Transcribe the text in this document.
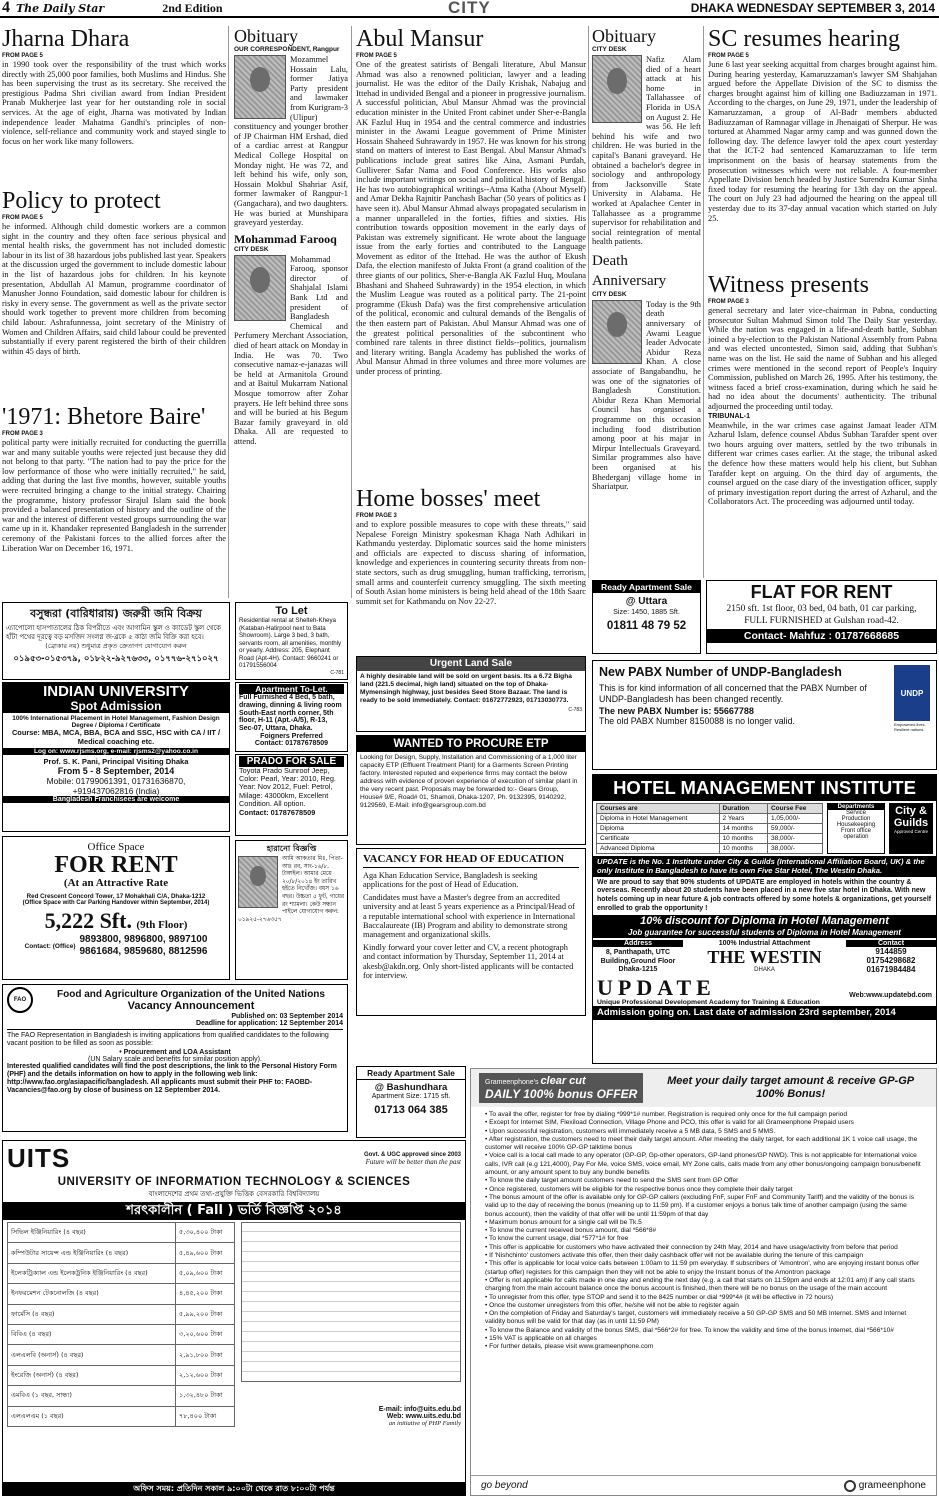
4 The Daily Star	2nd Edition	CITY	DHAKA WEDNESDAY SEPTEMBER 3, 2014
Jharna Dhara
FROM PAGE 5
in 1990 took over the responsibility of the trust which works directly with 25,000 poor families, both Muslims and Hindus. She has been supervising the trust as its secretary. She received the prestigious Padma Shri civilian award from Indian President Pranab Mukherjee last year for her outstanding role in social services. At the age of eight, Jharna was motivated by Indian independence leader Mahatma Gandhi's principles of non-violence, self-reliance and community work and stayed single to focus on her work like many followers.
Policy to protect
FROM PAGE 5
he informed. Although child domestic workers are a common sight in the country and they often face serious physical and mental health risks, the government has not included domestic labour in its list of 38 hazardous jobs published last year. Speakers at the discussion urged the government to include domestic labour in the list of hazardous jobs for children. In his keynote presentation, Abdullah Al Mamun, programme coordinator of Manusher Jonno Foundation, said domestic labour for children is risky in every sense. The government as well as the private sector should work together to prevent more children from becoming child labour. Ashrafunnessa, joint secretary of the Ministry of Women and Children Affairs, said child labour could be prevented substantially if every parent registered the birth of their children within 45 days of birth.
'1971: Bhetore Baire'
FROM PAGE 3
political party were initially recruited for conducting the guerrilla war and many suitable youths were rejected just because they did not belong to that party. "The nation had to pay the price for the low performance of those who were initially recruited," he said, adding that during the last five months, however, suitable youths were recruited bringing a change to the initial strategy. Chairing the programme, history professor Sirajul Islam said the book provided a balanced presentation of history and the outline of the war and the interest of different vested groups surrounding the war came up in it. Khandaker represented Bangladesh in the surrender ceremony of the Pakistani forces to the allied forces after the Liberation War on December 16, 1971.
Obituary
OUR CORRESPONDENT, Rangpur
Mozammel Hossain Lalu, former Jatiya Party president and lawmaker from Kurigram-3 (Ulipur) constituency and younger brother of JP Chairman HM Ershad, died of a cardiac arrest at Rangpur Medical College Hospital on Monday night. He was 72, and left behind his wife, only son, Hossain Mokbul Shahriar Asif, former lawmaker of Rangpur-1 (Gangachara), and two daughters. He was buried at Munshipara graveyard yesterday.
Mohammad Farooq
CITY DESK
Mohammad Farooq, sponsor director of Shahjalal Islami Bank Ltd and president of Bangladesh Chemical and Perfumery Merchant Association, died of heart attack on Monday in India. He was 70. Two consecutive namaz-e-janazas will be held at Armanitola Ground and at Baitul Mukarram National Mosque tomorrow after Zohar prayers. He left behind three sons and will be buried at his Begum Bazar family graveyard in old Dhaka. All are requested to attend.
Abul Mansur
FROM PAGE 5
One of the greatest satirists of Bengali literature, Abul Mansur Ahmad was also a renowned politician, lawyer and a leading journalist. He was the editor of the Daily Krishak, Nabajug and Ittehad in undivided Bengal and a pioneer in progressive journalism. A successful politician, Abul Mansur Ahmad was the provincial education minister in the United Front cabinet under Sher-e-Bangla AK Fazlul Huq in 1954 and the central commerce and industries minister in the Awami League government of Prime Minister Hossain Shaheed Suhrawardy in 1957. He was known for his strong stand on matters of interest to East Bengal. Abul Mansur Ahmad's publications include great satires like Aina, Asmani Purdah, Gulliverer Safar Nama and Food Conference. His works also include important writings on social and political history of Bengal. He has two autobiographical writings--Atma Katha (About Myself) and Amar Dekha Rajnitir Panchash Bachar (50 years of politics as I have seen it). Abul Mansur Ahmad always propagated secularism in a manner unparalleled in the forties, fifties and sixties. His contribution towards opposition movement in the early days of Pakistan was extremely significant. He wrote about the language issue from the early forties and contributed to the Language Movement as editor of the Ittehad. He was the author of Ekush Dafa, the election manifesto of Jukta Front (a grand coalition of the three giants of our politics, Sher-e-Bangla AK Fazlul Huq, Moulana Bhashani and Shaheed Suhrawardy) in the 1954 election, in which the Muslim League was routed as a political party. The 21-point programme (Ekush Dafa) was the first comprehensive articulation of the political, economic and cultural demands of the Bengalis of the then eastern part of Pakistan. Abul Mansur Ahmad was one of the greatest political personalities of the subcontinent who combined rare talents in three distinct fields--politics, journalism and literary writing. Bangla Academy has published the works of Abul Mansur Ahmad in three volumes and three more volumes are under process of printing.
Home bosses' meet
FROM PAGE 3
and to explore possible measures to cope with these threats," said Nepalese Foreign Ministry spokesman Khaga Nath Adhikari in Kathmandu yesterday. Diplomatic sources said the home ministers and officials are expected to discuss sharing of information, knowledge and experiences in countering security threats from non-state sectors, such as drug smuggling, human trafficking, terrorism, small arms and counterfeit currency smuggling. The sixth meeting of South Asian home ministers is being held ahead of the 18th Saarc summit set for Kathmandu on Nov 22-27.
Obituary
CITY DESK
Nafiz Alam died of a heart attack at his home in Tallahassee of Florida in USA on August 2. He was 56. He left behind his wife and two children. He was buried in the capital's Banani graveyard. He obtained a bachelor's degree in sociology and anthropology from Jacksonville State University in Alabama. He worked at Apalachee Center in Tallahassee as a programme supervisor for rehabilitation and social reintegration of mental health patients.
Death Anniversary
CITY DESK
Today is the 9th death anniversary of Awami League leader Advocate Abidur Reza Khan. A close associate of Bangabandhu, he was one of the signatories of Bangladesh Constitution. Abidur Reza Khan Memorial Council has organised a programme on this occasion including food distribution among poor at his majar in Mirpur Intellectuals Graveyard. Similar programmes also have been organised at his Bhederganj village home in Shariatpur.
SC resumes hearing
FROM PAGE 5
June 6 last year seeking acquittal from charges brought against him. During hearing yesterday, Kamaruzzaman's lawyer SM Shahjahan argued before the Appellate Division of the SC to dismiss the charges brought against him of killing one Badiuzzaman in 1971. According to the charges, on June 29, 1971, under the leadership of Kamaruzzaman, a group of Al-Badr members abducted Badiuzzaman of Ramnagar village in Jhenaigati of Sherpur. He was tortured at Ahammed Nagar army camp and was gunned down the following day. The defence lawyer told the apex court yesterday that the ICT-2 had sentenced Kamaruzzaman to life term imprisonment on the basis of hearsay statements from the prosecution witnesses which were not reliable. A four-member Appellate Division bench headed by Justice Surendra Kumar Sinha fixed today for resuming the hearing for 13th day on the appeal. The court on July 23 had adjourned the hearing on the appeal till yesterday due to its 37-day annual vacation which started on July 25.
Witness presents
FROM PAGE 3
general secretary and later vice-chairman in Pabna, conducting prosecutor Sultan Mahmud Simon told The Daily Star yesterday. While the nation was engaged in a life-and-death battle, Subhan joined a by-election to the Pakistan National Assembly from Pabna and was elected uncontested, Simon said, adding that Subhan's name was on the list. He said the name of Subhan and his alleged crimes were mentioned in the second report of People's Inquiry Commission, published on March 26, 1995. After his testimony, the witness faced a brief cross-examination, during which he said he had no idea about the documents' authenticity. The tribunal adjourned the proceeding until today.
TRIBUNAL-1
Meanwhile, in the war crimes case against Jamaat leader ATM Azharul Islam, defence counsel Abdus Subhan Tarafder spent over two hours arguing over matters, settled by the two tribunals in different war crimes cases earlier. At the stage, the tribunal asked the defence how these matters would help his client, but Subhan Tarafder kept on arguing. On the third day of arguments, the counsel argued on the case diary of the investigation officer, supply of primary investigation report during the arrest of Azharul, and the Collaborators Act. The proceeding was adjourned until today.
বসুন্ধরা (বারিধারায়) জরুরী জমি বিক্রয়
এ্যাপোলো হাসপাতালের ঠিক বিপরীতে এবং আগামিন স্কুল ও ক্যাডেট স্কুল থেকে হাঁটা পথের দূরত্বে বড় মসজিদ সংলগ্ন জ-ব্লকে ৫ কাঠা জমি বিক্রি করা হবে।
(ব্রোকার নয়) শুধুমাত্র প্রকৃত ক্রেতাগণ যোগাযোগ করুন
০১৯৫৩-০১৫৩৭৯, ০১৮২২-৯২৭৬৩৩, ০১৭৭৬-২৭১০২৭
To Let
Residential rental at Shelteh-Kheya (Kataban-Hatirpool next to Bata Showroom). Large 3 bed, 3 bath, servants room, all amenities, monthly or yearly. Address: 205, Elephant Road (Apt-4H). Contact: 9660241 or 01791556004
C-781
INDIAN UNIVERSITY
Spot Admission
100% International Placement in Hotel Management, Fashion Design
Degree / Diploma / Certificate
Course: MBA, MCA, BBA, BCA and SSC, HSC with CA / IIT / Medical coaching etc.
Log on: www.rjsms.org, e-mail: rjsms2@yahoo.co.in
Prof. S. K. Pani, Principal Visiting Dhaka
From 5 - 8 September, 2014
Mobile: 01799061391, 01731636870,
+919437062816 (India)
Bangladesh Franchisees are welcome
Apartment To-Let.
Full Furnished 4 Bed, 5 bath, drawing, dinning & living room South-East north corner, 5th floor, H-11 (Apt.-A/5), R-13, Sec-07, Uttara, Dhaka.
Foigners Preferred
Contact: 01787678509
PRADO FOR SALE
Toyota Prado Sunroof Jeep, Color: Pearl, Year: 2010, Reg. Year: Nov 2012, Fuel: Petrol, Milage: 43000km, Excellent Condition. All option.
Contact: 01787678509
Office Space
FOR RENT
(At an Attractive Rate
Red Crescent Concord Tower, 17 Mohakhali C/A, Dhaka-1212
(Office Space with Car Parking Handover within September, 2014)
5,222 Sft. (9th Floor)
Contact: (Office)
9893800, 9896800, 9897100
9861684, 9859680, 8812596
হারানো বিজ্ঞপ্তি
আমি আকতার মিঃ, পিতা-আঃ রব, সাং-১৬/৮, টাঙ্গাইল। আমার মেয়ে ২০/৮/২০১৪ ইং তারিখ হইতে নিখোঁজ। বয়স ১৬ বছর। উচ্চতা ৫ ফুট, গায়ের রং শ্যামলা। কেউ সন্ধান পাইলে যোগাযোগ করুন: ০১৯২৫-২৭৬৩৫৭
FAO
Food and Agriculture Organization of the United Nations
Vacancy Announcement
Published on: 03 September 2014
Deadline for application: 12 September 2014
The FAO Representation in Bangladesh is inviting applications from qualified candidates to the following vacant position to be filled as soon as possible:
• Procurement and LOA Assistant
(UN Salary scale and benefits for similar position apply).
Interested qualified candidates will find the post descriptions, the link to the Personal History Form (PHF) and the details information on how to apply in the following web link: http://www.fao.org/asiapacific/bangladesh. All applicants must submit their PHF to: FAOBD-Vacancies@fao.org by close of business on 12 September 2014.
Urgent Land Sale
A highly desirable land will be sold on urgent basis. Its a 6.72 Bigha land (221.5 decimal, high land) situated on the top of Dhaka-Mymensingh highway, just besides Seed Store Bazaar. The land is ready to be sold immediately. Contact: 01672772923, 01713030773.
C-783
WANTED TO PROCURE ETP
Looking for Design, Supply, Installation and Commissioning of a 1,000 liter capacity ETP (Effluent Treatment Plant) for a Garments Screen Printing factory. Interested reputed and experience firms may contact the below address with evidence of proven experience of execution of similar plant in the very recent past. Proposals may be forwarded to:- Gears Group, House# 9/E, Road# 01, Shamoli, Dhaka-1207, Ph. 9132395, 9140292, 9129569, E-Mail: info@gearsgroup.com.bd
VACANCY FOR HEAD OF EDUCATION
Aga Khan Education Service, Bangladesh is seeking applications for the post of Head of Education.
Candidates must have a Master's degree from an accredited university and at least 5 years experience as a Principal/Head of a reputable international school with experience in International Baccalaureate (IB) Program and ability to demonstrate strong management and organizational skills.
Kindly forward your cover letter and CV, a recent photograph and contact information by Thursday, September 11, 2014 at akesb@akdn.org. Only short-listed applicants will be contacted for interview.
Ready Apartment Sale
@ Uttara
Size: 1450, 1885 Sft.
01811 48 79 52
FLAT FOR RENT
2150 sft. 1st floor, 03 bed, 04 bath, 01 car parking,
FULL FURNISHED at Gulshan road-42.
Contact- Mahfuz : 01787668685
New PABX Number of UNDP-Bangladesh
This is for kind information of all concerned that the PABX Number of UNDP-Bangladesh has been changed recently.
The new PABX Number is: 55667788
The old PABX Number 8150088 is no longer valid.
UNDP
Empowered lives. Resilient nations.
HOTEL MANAGEMENT INSTITUTE
Courses are	Duration	Course Fee
Diploma in Hotel Management	2 Years	1,05,000/-
Diploma	14 months	59,000/-
Certificate	10 months	38,000/-
Advanced Diploma	10 months	38,000/-
Departments
Service
Production
Housekeeping
Front office operation
City & Guilds
Approved Centre
UPDATE is the No. 1 Institute under City & Guilds (International Affiliation Board, UK) & the only Institute in Bangladesh to have its own Five Star Hotel, The Westin Dhaka.
We are proud to say that 90% students of UPDATE are employed in hotels within the country & overseas. Recently about 20 students have been placed in a new five star hotel in Dhaka. With new hotels coming up in near future & job contracts offered by some hotels & organizations, get yourself enrolled to grab the opportunity !
10% discount for Diploma in Hotel Management
Job guarantee for successful students of Diploma in Hotel Management
Address
8, Panthapath, UTC Building,Ground Floor Dhaka-1215
100% Industrial Attachment
THE WESTIN
DHAKA
Contact
9144859
01754298682
01671984484
UPDATE	Web:www.updatebd.com
Unique Professional Development Academy for Training & Education
Admission going on. Last date of admission 23rd september, 2014
Ready Apartment Sale
@ Bashundhara
Apartment Size: 1715 sft.
01713 064 385
UITS	Govt. & UGC approved since 2003
Future will be better than the past
UNIVERSITY OF INFORMATION TECHNOLOGY & SCIENCES
বাংলাদেশের প্রথম তথ্য-প্রযুক্তি ভিত্তিক বেসরকারি বিশ্ববিদ্যালয়
শরৎকালীন ( Fall ) ভর্তি বিজ্ঞপ্তি ২০১৪
সিভিল ইঞ্জিনিয়ারিং (৪ বছর)	৫,৩০,৪০০ টাকা
কম্পিউটার সায়েন্স এন্ড ইঞ্জিনিয়ারিং (৪ বছর)	৫,৪৯,৬০০ টাকা
ইলেকট্রিক্যাল এন্ড ইলেকট্রনিক ইঞ্জিনিয়ারিং (৪ বছর)	৫,০৯,৬০০ টাকা
ইনফরমেশন টেকনোলজি (৪ বছর)	৪,৪৫,২০০ টাকা
ফার্মেসি (৪ বছর)	৫,৯৯,২০০ টাকা
বিবিএ (৪ বছর)	৩,২০,৬০০ টাকা
এলএলবি (অনার্স) (৪ বছর)	২,৯১,৮০০ টাকা
ইংরেজি (অনার্স) (৪ বছর)	২,১২,৬০০ টাকা
এমবিএ (১ বছর, সান্ধ্য)	১,৩২,৪৮০ টাকা
এলএলএম (১ বছর)	৭৮,৪০০ টাকা
E-mail: info@uits.edu.bd
Web: www.uits.edu.bd
an initiative of PHP Family
অফিস সময়: প্রতিদিন সকাল ৯:০০টা থেকে রাত ৮:০০টা পর্যন্ত
Grameenphone's clear cut
DAILY 100% bonus OFFER
Meet your daily target amount & receive GP-GP 100% Bonus!
• To avail the offer, register for free by dialing *999*1# number. Registration is required only once for the full campaign period
• Except for Internet SIM, Flexiload Connection, Village Phone and PCO, this offer is valid for all Grameenphone Prepaid users
• Upon successful registration, customers will immediately receive a 5 MB data, 5 SMS and 5 MMS.
• After registration, the customers need to meet their daily target amount. After meeting the daily target, for each additional 1K 1 voice call usage, the customer will receive 100% GP-GP talktime bonus
• Voice call is a local call made to any operator (GP-GP, Gp-other operators, GP-land phones/GP NWD). This is not applicable for International voice calls, IVR call (e.g 121,4000), Pay For Me, voice SMS, voice email, MY Zone calls, calls made from any other bonus/ongoing campaign bonus/benefit amount, or any amount spent to buy any bundle benefits
• To know the daily target amount customers need to send the SMS sent from GP Offer
• Once registered, customers will be eligible for the respective bonus once they complete their daily target
• The bonus amount of the offer is available only for GP-GP callers (excluding FnF, super FnF and Community Tariff) and the validity of the bonus is valid up to the day of receiving the bonus (meaning up to 11:59 pm). If a customer enjoys a bonus talk time of another campaign (using the same bonus account), then the validity of that offer will be until 11:59pm of that day
• Maximum bonus amount for a single call will be Tk.5
• To know the current received bonus amount, dial *566*8#
• To know the current usage, dial *577*1# for free
• This offer is applicable for customers who have activated their connection by 24th May, 2014 and have usage/activity from before that period
• If 'Nishchinto' customers activate this offer, then their daily cashback offer will not be available during the tenure of this campaign
• This offer is applicable for local voice calls between 1:00am to 11:59 pm everyday. If subscribers of 'Amontron', who are enjoying instant bonus offer (startup offer) registers for this campaign then they will not be able to enjoy the Instant bonus of the Amontron package
• Offer is not applicable for calls made in one day and ending the next day (e.g. a call that starts on 11:59pm and ends at 12:01 am) If any call starts charging from the main account balance once the bonus account is finished, then there will be no bonus on the usage of the main account
• To unregister from this offer, type STOP and send it to the 8425 number or dial *999*4# (it will be effective in 72 hours)
• Once the customer unregisters from this offer, he/she will not be able to register again
• On the completion of Friday and Saturday's target, customers will immediately receive a 50 GP-GP SMS and 50 MB Internet. SMS and Internet validity bonus will be valid for that day (as in until 11:59 PM)
• To know the Balance and validity of the bonus SMS, dial *566*2# for free. To know the validity and time of the bonus Internet, dial *566*10#
• 15% VAT is applicable on all charges
• For further details, please visit www.grameenphone.com
go beyond	grameenphone
